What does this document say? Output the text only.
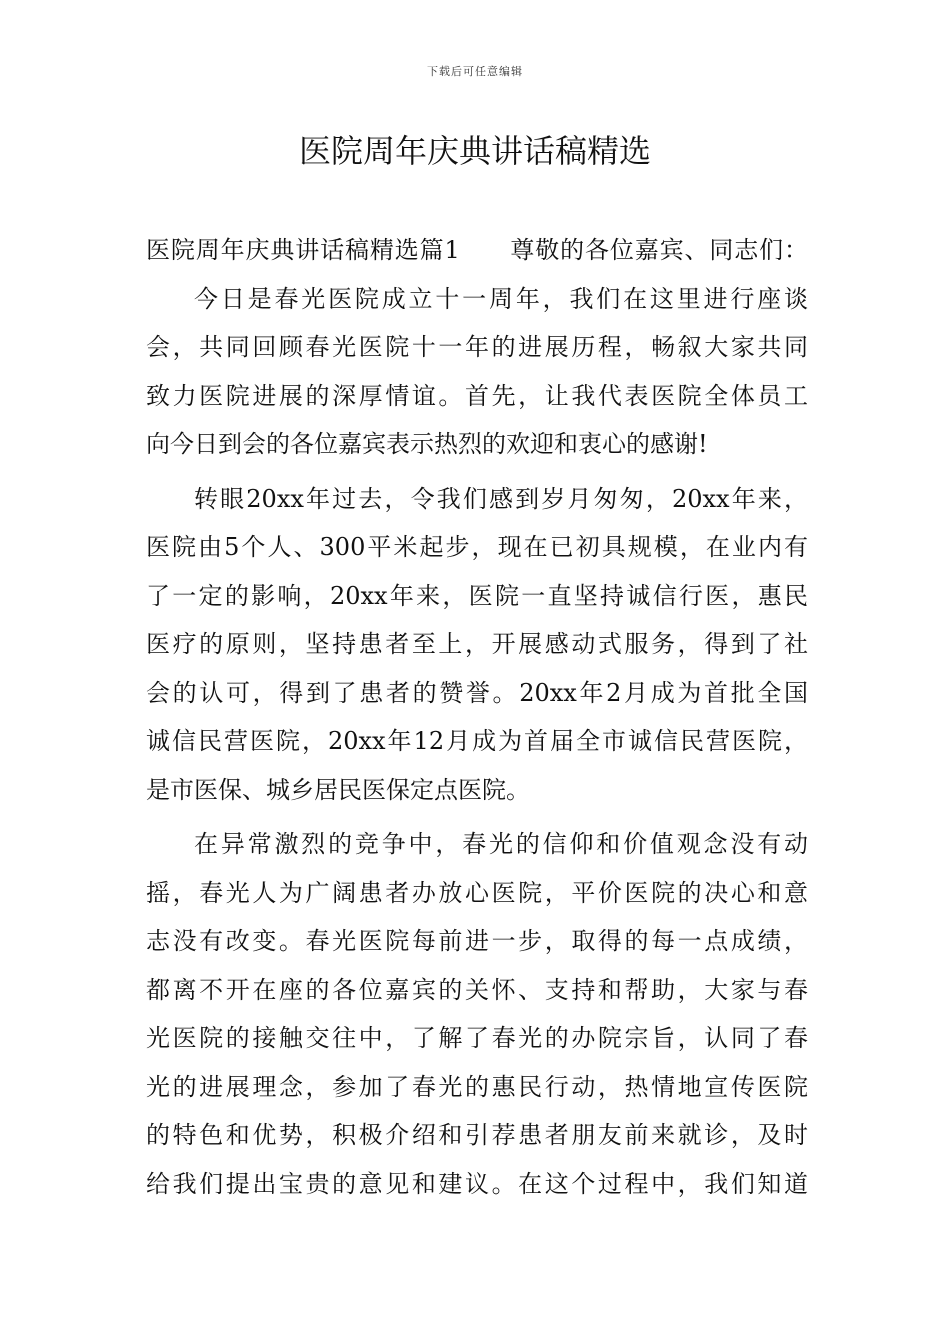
下载后可任意编辑
医院周年庆典讲话稿精选
医院周年庆典讲话稿精选篇1　　尊敬的各位嘉宾、同志们：
今日是春光医院成立十一周年，我们在这里进行座谈
会，共同回顾春光医院十一年的进展历程，畅叙大家共同
致力医院进展的深厚情谊。首先，让我代表医院全体员工
向今日到会的各位嘉宾表示热烈的欢迎和衷心的感谢!
转眼20xx年过去，令我们感到岁月匆匆，20xx年来，
医院由5个人、300平米起步，现在已初具规模，在业内有
了一定的影响，20xx年来，医院一直坚持诚信行医，惠民
医疗的原则，坚持患者至上，开展感动式服务，得到了社
会的认可，得到了患者的赞誉。20xx年2月成为首批全国
诚信民营医院，20xx年12月成为首届全市诚信民营医院，
是市医保、城乡居民医保定点医院。
在异常激烈的竞争中，春光的信仰和价值观念没有动
摇，春光人为广阔患者办放心医院，平价医院的决心和意
志没有改变。春光医院每前进一步，取得的每一点成绩，
都离不开在座的各位嘉宾的关怀、支持和帮助，大家与春
光医院的接触交往中，了解了春光的办院宗旨，认同了春
光的进展理念，参加了春光的惠民行动，热情地宣传医院
的特色和优势，积极介绍和引荐患者朋友前来就诊，及时
给我们提出宝贵的意见和建议。在这个过程中，我们知道
